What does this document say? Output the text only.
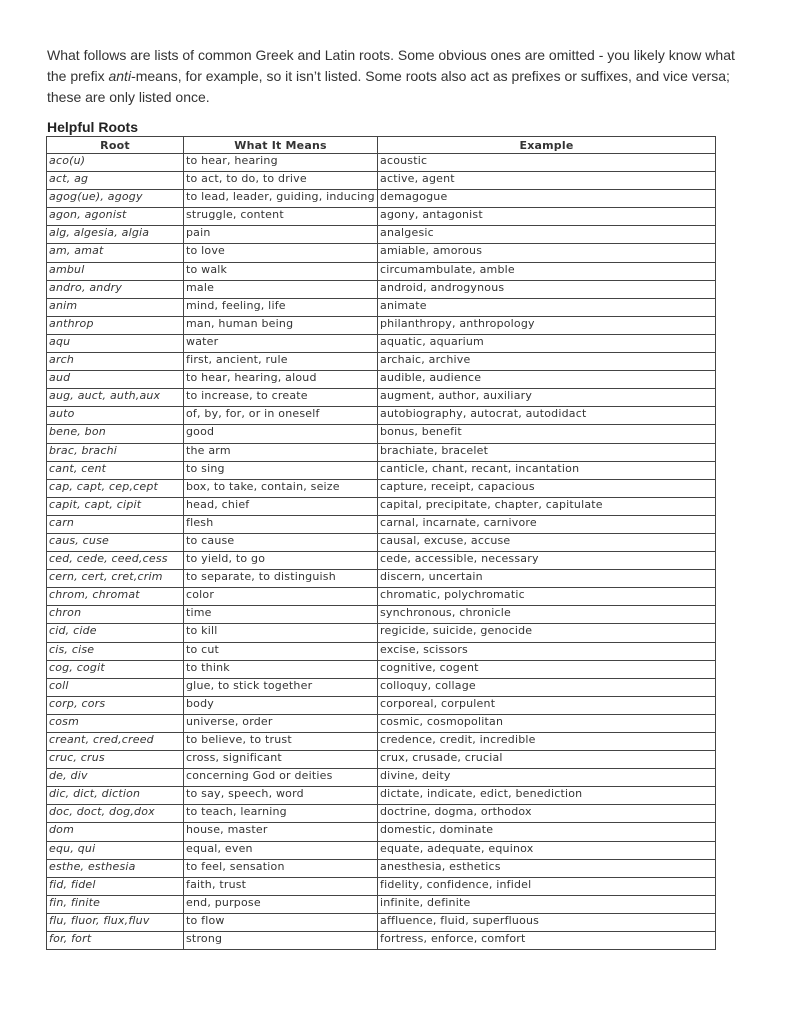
What follows are lists of common Greek and Latin roots. Some obvious ones are omitted - you likely know what the prefix anti-means, for example, so it isn’t listed. Some roots also act as prefixes or suffixes, and vice versa; these are only listed once.
Helpful Roots
Root	What It Means	Example
aco(u)	to hear, hearing	acoustic
act, ag	to act, to do, to drive	active, agent
agog(ue), agogy	to lead, leader, guiding, inducing	demagogue
agon, agonist	struggle, content	agony, antagonist
alg, algesia, algia	pain	analgesic
am, amat	to love	amiable, amorous
ambul	to walk	circumambulate, amble
andro, andry	male	android, androgynous
anim	mind, feeling, life	animate
anthrop	man, human being	philanthropy, anthropology
aqu	water	aquatic, aquarium
arch	first, ancient, rule	archaic, archive
aud	to hear, hearing, aloud	audible, audience
aug, auct, auth,aux	to increase, to create	augment, author, auxiliary
auto	of, by, for, or in oneself	autobiography, autocrat, autodidact
bene, bon	good	bonus, benefit
brac, brachi	the arm	brachiate, bracelet
cant, cent	to sing	canticle, chant, recant, incantation
cap, capt, cep,cept	box, to take, contain, seize	capture, receipt, capacious
capit, capt, cipit	head, chief	capital, precipitate, chapter, capitulate
carn	flesh	carnal, incarnate, carnivore
caus, cuse	to cause	causal, excuse, accuse
ced, cede, ceed,cess	to yield, to go	cede, accessible, necessary
cern, cert, cret,crim	to separate, to distinguish	discern, uncertain
chrom, chromat	color	chromatic, polychromatic
chron	time	synchronous, chronicle
cid, cide	to kill	regicide, suicide, genocide
cis, cise	to cut	excise, scissors
cog, cogit	to think	cognitive, cogent
coll	glue, to stick together	colloquy, collage
corp, cors	body	corporeal, corpulent
cosm	universe, order	cosmic, cosmopolitan
creant, cred,creed	to believe, to trust	credence, credit, incredible
cruc, crus	cross, significant	crux, crusade, crucial
de, div	concerning God or deities	divine, deity
dic, dict, diction	to say, speech, word	dictate, indicate, edict, benediction
doc, doct, dog,dox	to teach, learning	doctrine, dogma, orthodox
dom	house, master	domestic, dominate
equ, qui	equal, even	equate, adequate, equinox
esthe, esthesia	to feel, sensation	anesthesia, esthetics
fid, fidel	faith, trust	fidelity, confidence, infidel
fin, finite	end, purpose	infinite, definite
flu, fluor, flux,fluv	to flow	affluence, fluid, superfluous
for, fort	strong	fortress, enforce, comfort
